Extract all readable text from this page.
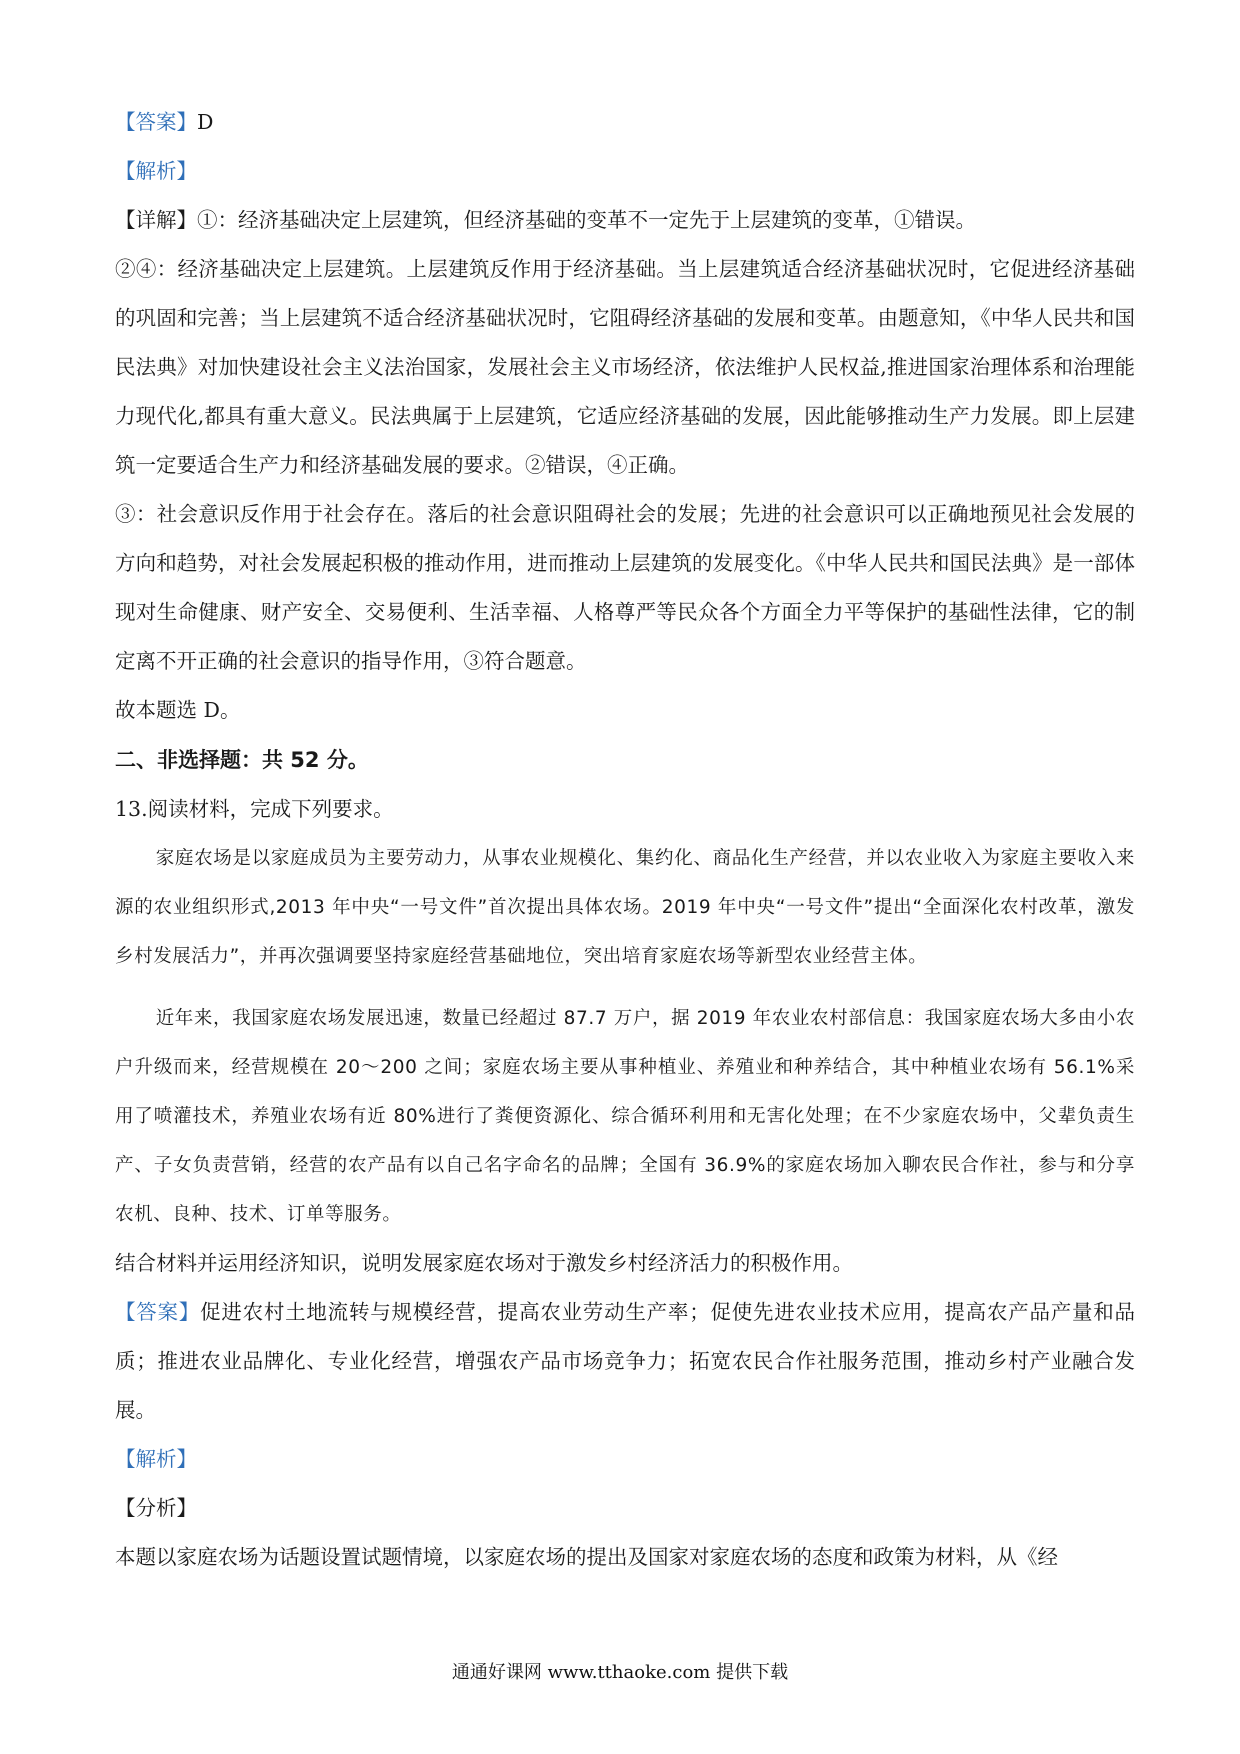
【答案】D
【解析】
【详解】①：经济基础决定上层建筑，但经济基础的变革不一定先于上层建筑的变革，①错误。
②④：经济基础决定上层建筑。上层建筑反作用于经济基础。当上层建筑适合经济基础状况时，它促进经济基础的巩固和完善；当上层建筑不适合经济基础状况时，它阻碍经济基础的发展和变革。由题意知，《中华人民共和国民法典》对加快建设社会主义法治国家，发展社会主义市场经济，依法维护人民权益,推进国家治理体系和治理能力现代化,都具有重大意义。民法典属于上层建筑，它适应经济基础的发展，因此能够推动生产力发展。即上层建筑一定要适合生产力和经济基础发展的要求。②错误，④正确。
③：社会意识反作用于社会存在。落后的社会意识阻碍社会的发展；先进的社会意识可以正确地预见社会发展的方向和趋势，对社会发展起积极的推动作用，进而推动上层建筑的发展变化。《中华人民共和国民法典》是一部体现对生命健康、财产安全、交易便利、生活幸福、人格尊严等民众各个方面全力平等保护的基础性法律，它的制定离不开正确的社会意识的指导作用，③符合题意。
故本题选 D。
二、非选择题：共 52 分。
13.阅读材料，完成下列要求。
家庭农场是以家庭成员为主要劳动力，从事农业规模化、集约化、商品化生产经营，并以农业收入为家庭主要收入来源的农业组织形式,2013 年中央“一号文件”首次提出具体农场。2019 年中央“一号文件”提出“全面深化农村改革，激发乡村发展活力”，并再次强调要坚持家庭经营基础地位，突出培育家庭农场等新型农业经营主体。
近年来，我国家庭农场发展迅速，数量已经超过 87.7 万户，据 2019 年农业农村部信息：我国家庭农场大多由小农户升级而来，经营规模在 20～200 之间；家庭农场主要从事种植业、养殖业和种养结合，其中种植业农场有 56.1%采用了喷灌技术，养殖业农场有近 80%进行了粪便资源化、综合循环利用和无害化处理；在不少家庭农场中，父辈负责生产、子女负责营销，经营的农产品有以自己名字命名的品牌；全国有 36.9%的家庭农场加入聊农民合作社，参与和分享农机、良种、技术、订单等服务。
结合材料并运用经济知识，说明发展家庭农场对于激发乡村经济活力的积极作用。
【答案】促进农村土地流转与规模经营，提高农业劳动生产率；促使先进农业技术应用，提高农产品产量和品质；推进农业品牌化、专业化经营，增强农产品市场竞争力；拓宽农民合作社服务范围，推动乡村产业融合发展。
【解析】
【分析】
本题以家庭农场为话题设置试题情境，以家庭农场的提出及国家对家庭农场的态度和政策为材料，从《经
通通好课网 www.tthaoke.com 提供下载
